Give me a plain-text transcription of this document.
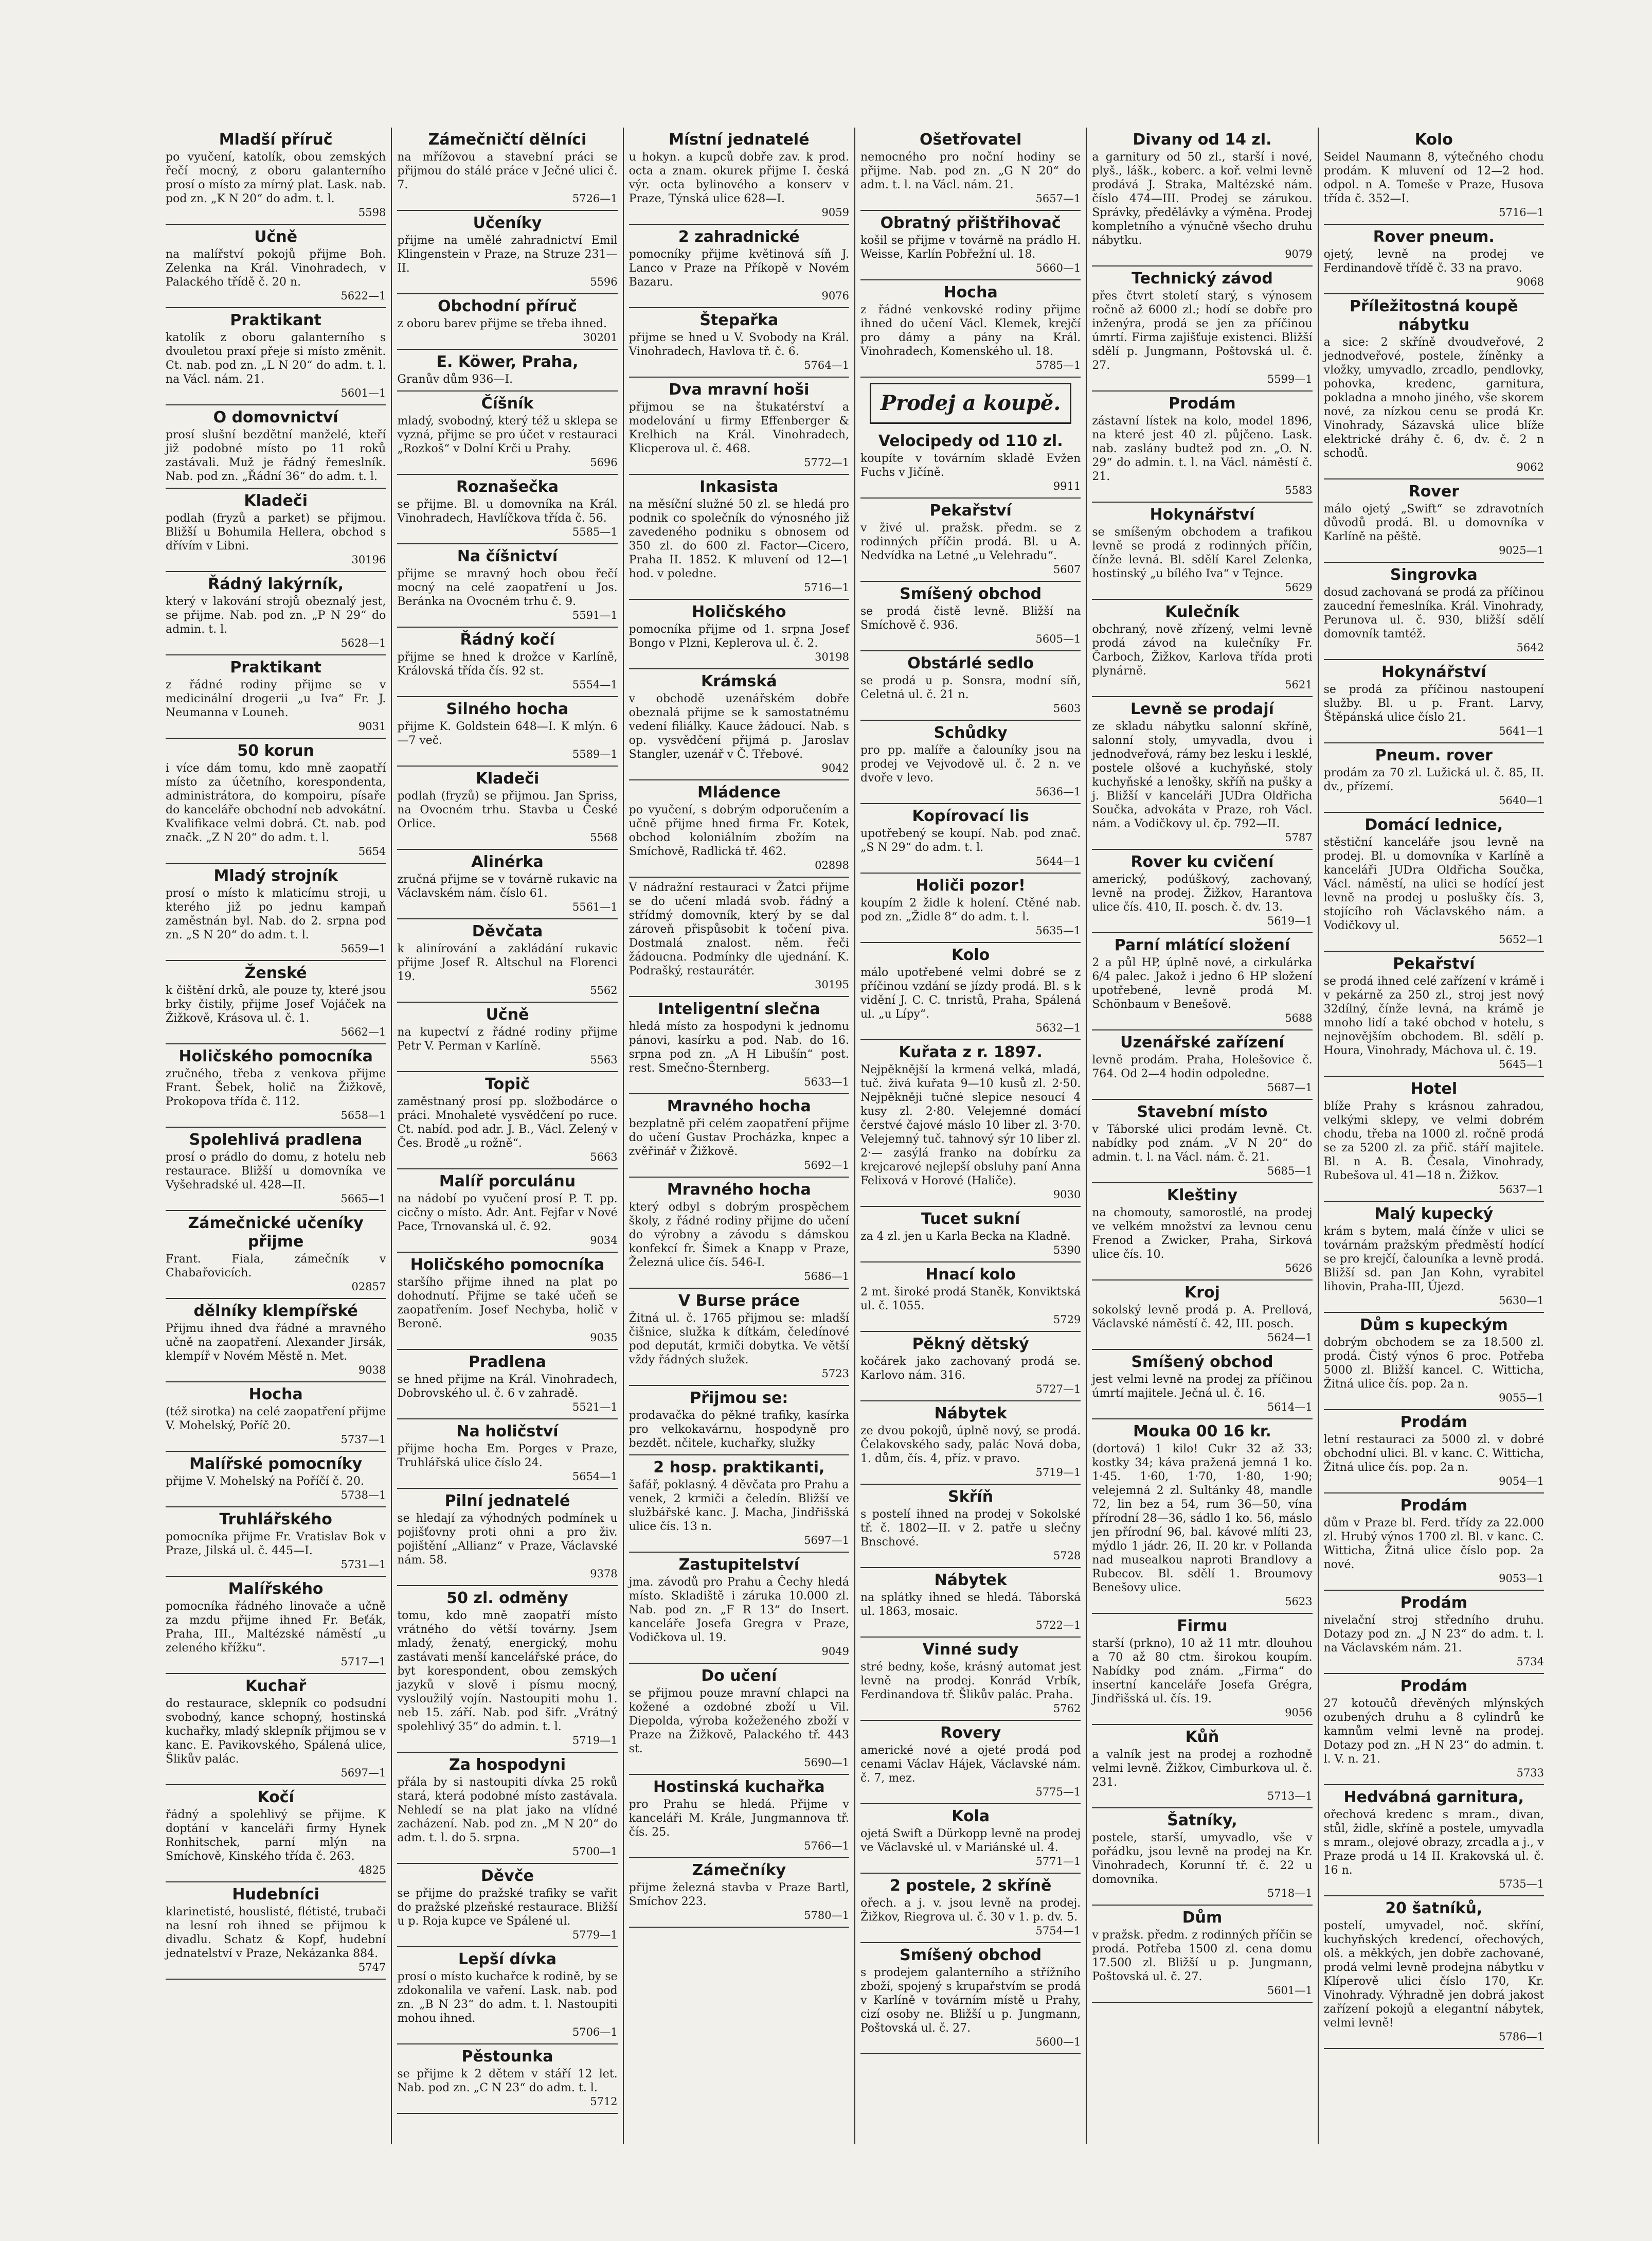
Mladší příruč
po vyučení, katolík, obou zemských řečí mocný, z oboru galanterního prosí o místo za mírný plat. Lask. nab. pod zn. „K N 20“ do adm. t. l.
5598
Učně
na malířství pokojů přijme Boh. Zelenka na Král. Vinohradech, v Palackého třídě č. 20 n.
5622—1
Praktikant
katolík z oboru galanterního s dvouletou praxí přeje si místo změnit. Ct. nab. pod zn. „L N 20“ do adm. t. l. na Václ. nám. 21.
5601—1
O domovnictví
prosí slušní bezdětní manželé, kteří již podobné místo po 11 roků zastávali. Muž je řádný řemeslník. Nab. pod zn. „Řádní 36“ do adm. t. l.
Kladeči
podlah (fryzů a parket) se přijmou. Bližší u Bohumila Hellera, obchod s dřívím v Libni.
30196
Řádný lakýrník,
který v lakování strojů obeznalý jest, se přijme. Nab. pod zn. „P N 29“ do admin. t. l.
5628—1
Praktikant
z řádné rodiny přijme se v medicinální drogerii „u Iva“ Fr. J. Neumanna v Louneh.
9031
50 korun
i více dám tomu, kdo mně zaopatří místo za účetního, korespondenta, administrátora, do kompoiru, písaře do kanceláře obchodní neb advokátní. Kvalifikace velmi dobrá. Ct. nab. pod značk. „Z N 20“ do adm. t. l.
5654
Mladý strojník
prosí o místo k mlaticímu stroji, u kterého již po jednu kampaň zaměstnán byl. Nab. do 2. srpna pod zn. „S N 20“ do adm. t. l.
5659—1
Ženské
k čištění drků, ale pouze ty, které jsou brky čistily, přijme Josef Vojáček na Žižkově, Krásova ul. č. 1.
5662—1
Holičského pomocníka
zručného, třeba z venkova přijme Frant. Šebek, holič na Žižkově, Prokopova třída č. 112.
5658—1
Spolehlivá pradlena
prosí o prádlo do domu, z hotelu neb restaurace. Bližší u domovníka ve Vyšehradské ul. 428—II.
5665—1
Zámečnické učeníky přijme
Frant. Fiala, zámečník v Chabařovicích.
02857
dělníky klempířské
Přijmu ihned dva řádné a mravného učně na zaopatření. Alexander Jirsák, klempíř v Novém Městě n. Met.
9038
Hocha
(též sirotka) na celé zaopatření přijme V. Mohelský, Poříč 20.
5737—1
Malířské pomocníky
přijme V. Mohelský na Poříčí č. 20.
5738—1
Truhlářského
pomocníka přijme Fr. Vratislav Bok v Praze, Jilská ul. č. 445—I.
5731—1
Malířského
pomocníka řádného linovače a učně za mzdu přijme ihned Fr. Beťák, Praha, III., Maltézské náměstí „u zeleného křížku“.
5717—1
Kuchař
do restaurace, sklepník co podsudní svobodný, kance schopný, hostinská kuchařky, mladý sklepník přijmou se v kanc. E. Pavikovského, Spálená ulice, Šlikův palác.
5697—1
Kočí
řádný a spolehlivý se přijme. K doptání v kanceláři firmy Hynek Ronhitschek, parní mlýn na Smíchově, Kinského třída č. 263.
4825
Hudebníci
klarinetisté, houslisté, flétisté, trubači na lesní roh ihned se přijmou k divadlu. Schatz & Kopf, hudební jednatelství v Praze, Nekázanka 884.
5747
Zámečničtí dělníci
na mřížovou a stavební práci se přijmou do stálé práce v Ječné ulici č. 7.
5726—1
Učeníky
přijme na umělé zahradnictví Emil Klingenstein v Praze, na Struze 231—II.
5596
Obchodní příruč
z oboru barev přijme se třeba ihned.
30201
E. Köwer, Praha,
Granův dům 936—I.
Číšník
mladý, svobodný, který též u sklepa se vyzná, přijme se pro účet v restauraci „Rozkoš“ v Dolní Krči u Prahy.
5696
Roznašečka
se přijme. Bl. u domovníka na Král. Vinohradech, Havlíčkova třída č. 56.
5585—1
Na číšnictví
přijme se mravný hoch obou řečí mocný na celé zaopatření u Jos. Beránka na Ovocném trhu č. 9.
5591—1
Řádný kočí
přijme se hned k drožce v Karlíně, Královská třída čís. 92 st.
5554—1
Silného hocha
přijme K. Goldstein 648—I. K mlýn. 6—7 več.
5589—1
Kladeči
podlah (fryzů) se přijmou. Jan Spriss, na Ovocném trhu. Stavba u České Orlice.
5568
Alinérka
zručná přijme se v továrně rukavic na Václavském nám. číslo 61.
5561—1
Děvčata
k alinírování a zakládání rukavic přijme Josef R. Altschul na Florenci 19.
5562
Učně
na kupectví z řádné rodiny přijme Petr V. Perman v Karlíně.
5563
Topič
zaměstnaný prosí pp. složbodárce o práci. Mnohaleté vysvědčení po ruce. Ct. nabíd. pod adr. J. B., Václ. Zelený v Čes. Brodě „u rožně“.
5663
Malíř porculánu
na nádobí po vyučení prosí P. T. pp. cicčny o místo. Adr. Ant. Fejfar v Nové Pace, Trnovanská ul. č. 92.
9034
Holičského pomocníka
staršího přijme ihned na plat po dohodnutí. Přijme se také učeň se zaopatřením. Josef Nechyba, holič v Beroně.
9035
Pradlena
se hned přijme na Král. Vinohradech, Dobrovského ul. č. 6 v zahradě.
5521—1
Na holičství
přijme hocha Em. Porges v Praze, Truhlářská ulice číslo 24.
5654—1
Pilní jednatelé
se hledají za výhodných podmínek u pojišťovny proti ohni a pro živ. pojištění „Allianz“ v Praze, Václavské nám. 58.
9378
50 zl. odměny
tomu, kdo mně zaopatří místo vrátného do větší továrny. Jsem mladý, ženatý, energický, mohu zastávati menší kancelářské práce, do byt korespondent, obou zemských jazyků v slově i písmu mocný, vysloužilý vojín. Nastoupiti mohu 1. neb 15. září. Nab. pod šifr. „Vrátný spolehlivý 35“ do admin. t. l.
5719—1
Za hospodyni
přála by si nastoupiti dívka 25 roků stará, která podobné místo zastávala. Nehledí se na plat jako na vlídné zacházení. Nab. pod zn. „M N 20“ do adm. t. l. do 5. srpna.
5700—1
Děvče
se přijme do pražské trafiky se vařit do pražské plzeňské restaurace. Bližší u p. Roja kupce ve Spálené ul.
5779—1
Lepší dívka
prosí o místo kuchařce k rodině, by se zdokonalila ve vaření. Lask. nab. pod zn. „B N 23“ do adm. t. l. Nastoupiti mohou ihned.
5706—1
Pěstounka
se přijme k 2 dětem v stáří 12 let. Nab. pod zn. „C N 23“ do adm. t. l.
5712
Místní jednatelé
u hokyn. a kupců dobře zav. k prod. octa a znam. okurek přijme I. česká výr. octa bylinového a konserv v Praze, Týnská ulice 628—I.
9059
2 zahradnické
pomocníky přijme květinová síň J. Lanco v Praze na Příkopě v Novém Bazaru.
9076
Štepařka
přijme se hned u V. Svobody na Král. Vinohradech, Havlova tř. č. 6.
5764—1
Dva mravní hoši
přijmou se na štukatérství a modelování u firmy Effenberger & Krelhich na Král. Vinohradech, Klicperova ul. č. 468.
5772—1
Inkasista
na měsíční služné 50 zl. se hledá pro podnik co společník do výnosného již zavedeného podniku s obnosem od 350 zl. do 600 zl. Factor—Cicero, Praha II. 1852. K mluvení od 12—1 hod. v poledne.
5716—1
Holičského
pomocníka přijme od 1. srpna Josef Bongo v Plzni, Keplerova ul. č. 2.
30198
Krámská
v obchodě uzenářském dobře obeznalá přijme se k samostatnému vedení filiálky. Kauce žádoucí. Nab. s op. vysvědčení přijmá p. Jaroslav Stangler, uzenář v Č. Třebové.
9042
Mládence
po vyučení, s dobrým odporučením a učně přijme hned firma Fr. Kotek, obchod koloniálním zbožím na Smíchově, Radlická tř. 462.
02898
V nádražní restauraci v Žatci přijme se do učení mladá svob. řádný a střídmý domovník, který by se dal zároveň přispůsobit k točení piva. Dostmalá znalost. něm. řeči žádoucna. Podmínky dle ujednání. K. Podrašký, restaurátér.
30195
Inteligentní slečna
hledá místo za hospodyni k jednomu pánovi, kasírku a pod. Nab. do 16. srpna pod zn. „A H Libušín“ post. rest. Smečno-Šternberg.
5633—1
Mravného hocha
bezplatně při celém zaopatření přijme do učení Gustav Procházka, knpec a zvěřinář v Žižkově.
5692—1
Mravného hocha
který odbyl s dobrým prospěchem školy, z řádné rodiny přijme do učení do výrobny a závodu s dámskou konfekcí fr. Šimek a Knapp v Praze, Železná ulice čís. 546-I.
5686—1
V Burse práce
Žitná ul. č. 1765 přijmou se: mladší čišnice, služka k dítkám, čeledínové pod deputát, krmiči dobytka. Ve větší vždy řádných služek.
5723
Přijmou se:
prodavačka do pěkné trafiky, kasírka pro velkokavárnu, hospodyně pro bezdět. nčitele, kuchařky, služky
2 hosp. praktikanti,
šafář, poklasný. 4 děvčata pro Prahu a venek, 2 krmiči a čeledín. Bližší ve službářské kanc. J. Macha, Jindřišská ulice čís. 13 n.
5697—1
Zastupitelství
jma. závodů pro Prahu a Čechy hledá místo. Skladiště i záruka 10.000 zl. Nab. pod zn. „F R 13“ do Insert. kanceláře Josefa Gregra v Praze, Vodičkova ul. 19.
9049
Do učení
se přijmou pouze mravní chlapci na kožené a ozdobné zboží u Vil. Diepolda, výroba kožeženého zboží v Praze na Žižkově, Palackého tř. 443 st.
5690—1
Hostinská kuchařka
pro Prahu se hledá. Přijme v kanceláři M. Krále, Jungmannova tř. čís. 25.
5766—1
Zámečníky
přijme železná stavba v Praze Bartl, Smíchov 223.
5780—1
Ošetřovatel
nemocného pro noční hodiny se přijme. Nab. pod zn. „G N 20“ do adm. t. l. na Václ. nám. 21.
5657—1
Obratný přištřihovač
košil se přijme v továrně na prádlo H. Weisse, Karlín Pobřežní ul. 18.
5660—1
Hocha
z řádné venkovské rodiny přijme ihned do učení Václ. Klemek, krejčí pro dámy a pány na Král. Vinohradech, Komenského ul. 18.
5785—1
Prodej a koupě.
Velocipedy od 110 zl.
koupíte v továrním skladě Evžen Fuchs v Jičíně.
9911
Pekařství
v živé ul. pražsk. předm. se z rodinných příčin prodá. Bl. u A. Nedvídka na Letné „u Velehradu“.
5607
Smíšený obchod
se prodá čistě levně. Bližší na Smíchově č. 936.
5605—1
Obstárlé sedlo
se prodá u p. Sonsra, modní síň, Celetná ul. č. 21 n.
5603
Schůdky
pro pp. malíře a čalouníky jsou na prodej ve Vejvodově ul. č. 2 n. ve dvoře v levo.
5636—1
Kopírovací lis
upotřebený se koupí. Nab. pod znač. „S N 29“ do adm. t. l.
5644—1
Holiči pozor!
koupím 2 židle k holení. Ctěné nab. pod zn. „Židle 8“ do adm. t. l.
5635—1
Kolo
málo upotřebené velmi dobré se z příčinou vzdání se jízdy prodá. Bl. s k vidění J. C. C. tnristů, Praha, Spálená ul. „u Lípy“.
5632—1
Kuřata z r. 1897.
Nejpěknější la krmená velká, mladá, tuč. živá kuřata 9—10 kusů zl. 2·50. Nejpěkněji tučné slepice nesoucí 4 kusy zl. 2·80. Velejemné domácí čerstvé čajové máslo 10 liber zl. 3·70. Velejemný tuč. tahnový sýr 10 liber zl. 2·— zasýlá franko na dobírku za krejcarové nejlepší obsluhy paní Anna Felixová v Horové (Haliče).
9030
Tucet sukní
za 4 zl. jen u Karla Becka na Kladně.
5390
Hnací kolo
2 mt. široké prodá Staněk, Konviktská ul. č. 1055.
5729
Pěkný dětský
kočárek jako zachovaný prodá se. Karlovo nám. 316.
5727—1
Nábytek
ze dvou pokojů, úplně nový, se prodá. Čelakovského sady, palác Nová doba, 1. dům, čís. 4, příz. v pravo.
5719—1
Skříň
s postelí ihned na prodej v Sokolské tř. č. 1802—II. v 2. patře u slečny Bnschové.
5728
Nábytek
na splátky ihned se hledá. Táborská ul. 1863, mosaic.
5722—1
Vinné sudy
stré bedny, koše, krásný automat jest levně na prodej. Konrád Vrbík, Ferdinandova tř. Šlikův palác. Praha.
5762
Rovery
americké nové a ojeté prodá pod cenami Václav Hájek, Václavské nám. č. 7, mez.
5775—1
Kola
ojetá Swift a Dürkopp levně na prodej ve Václavské ul. v Mariánské ul. 4.
5771—1
2 postele, 2 skříně
ořech. a j. v. jsou levně na prodej. Žižkov, Riegrova ul. č. 30 v 1. p. dv. 5.
5754—1
Smíšený obchod
s prodejem galanterního a střížního zboží, spojený s krupařstvím se prodá v Karlíně v továrním místě u Prahy, cizí osoby ne. Bližší u p. Jungmann, Poštovská ul. č. 27.
5600—1
Divany od 14 zl.
a garnitury od 50 zl., starší i nové, plyš., lášk., koberc. a koř. velmi levně prodává J. Straka, Maltézské nám. číslo 474—III. Prodej se zárukou. Správky, předělávky a výměna. Prodej kompletního a výnučně všecho druhu nábytku.
9079
Technický závod
přes čtvrt století starý, s výnosem ročně až 6000 zl.; hodí se dobře pro inženýra, prodá se jen za příčinou úmrtí. Firma zajišťuje existenci. Bližší sdělí p. Jungmann, Poštovská ul. č. 27.
5599—1
Prodám
zástavní lístek na kolo, model 1896, na které jest 40 zl. půjčeno. Lask. nab. zaslány budtež pod zn. „O. N. 29“ do admin. t. l. na Václ. náměstí č. 21.
5583
Hokynářství
se smíšeným obchodem a trafikou levně se prodá z rodinných příčin, čínže levná. Bl. sdělí Karel Zelenka, hostinský „u bílého Iva“ v Tejnce.
5629
Kulečník
obchraný, nově zřízený, velmi levně prodá závod na kulečníky Fr. Čarboch, Žižkov, Karlova třída proti plynárně.
5621
Levně se prodají
ze skladu nábytku salonní skříně, salonní stoly, umyvadla, dvou i jednodveřová, rámy bez lesku i lesklé, postele olšové a kuchyňské, stoly kuchyňské a lenošky, skříň na pušky a j. Bližší v kanceláři JUDra Oldřicha Součka, advokáta v Praze, roh Václ. nám. a Vodičkovy ul. čp. 792—II.
5787
Rover ku cvičení
americký, podúškový, zachovaný, levně na prodej. Žižkov, Harantova ulice čís. 410, II. posch. č. dv. 13.
5619—1
Parní mlátící složení
2 a půl HP, úplně nové, a cirkulárka 6/4 palec. Jakož i jedno 6 HP složení upotřebené, levně prodá M. Schönbaum v Benešově.
5688
Uzenářské zařízení
levně prodám. Praha, Holešovice č. 764. Od 2—4 hodin odpoledne.
5687—1
Stavební místo
v Táborské ulici prodám levně. Ct. nabídky pod znám. „V N 20“ do admin. t. l. na Václ. nám. č. 21.
5685—1
Kleštiny
na chomouty, samorostlé, na prodej ve velkém množství za levnou cenu Frenod a Zwicker, Praha, Sirková ulice čís. 10.
5626
Kroj
sokolský levně prodá p. A. Prellová, Václavské náměstí č. 42, III. posch.
5624—1
Smíšený obchod
jest velmi levně na prodej za příčinou úmrtí majitele. Ječná ul. č. 16.
5614—1
Mouka 00 16 kr.
(dortová) 1 kilo! Cukr 32 až 33; kostky 34; káva pražená jemná 1 ko. 1·45. 1·60, 1·70, 1·80, 1·90; velejemná 2 zl. Sultánky 48, mandle 72, lin bez a 54, rum 36—50, vína přírodní 28—36, sádlo 1 ko. 56, máslo jen přírodní 96, bal. kávové mlíti 23, mýdlo 1 jádr. 26, II. 20 kr. v Pollanda nad musealkou naproti Brandlovy a Rubecov. Bl. sdělí 1. Broumovy Benešovy ulice.
5623
Firmu
starší (prkno), 10 až 11 mtr. dlouhou a 70 až 80 ctm. širokou koupím. Nabídky pod znám. „Firma“ do insertní kanceláře Josefa Grégra, Jindřišská ul. čís. 19.
9056
Kůň
a valník jest na prodej a rozhodně velmi levně. Žižkov, Cimburkova ul. č. 231.
5713—1
Šatníky,
postele, starší, umyvadlo, vše v pořádku, jsou levně na prodej na Kr. Vinohradech, Korunní tř. č. 22 u domovníka.
5718—1
Dům
v pražsk. předm. z rodinných příčin se prodá. Potřeba 1500 zl. cena domu 17.500 zl. Bližší u p. Jungmann, Poštovská ul. č. 27.
5601—1
Kolo
Seidel Naumann 8, výtečného chodu prodám. K mluvení od 12—2 hod. odpol. n A. Tomeše v Praze, Husova třída č. 352—I.
5716—1
Rover pneum.
ojetý, levně na prodej ve Ferdinandově třídě č. 33 na pravo.
9068
Příležitostná koupě nábytku
a sice: 2 skříně dvoudveřové, 2 jednodveřové, postele, žíněnky a vložky, umyvadlo, zrcadlo, pendlovky, pohovka, kredenc, garnitura, pokladna a mnoho jiného, vše skorem nové, za nízkou cenu se prodá Kr. Vinohrady, Sázavská ulice blíže elektrické dráhy č. 6, dv. č. 2 n schodů.
9062
Rover
málo ojetý „Swift“ se zdravotních důvodů prodá. Bl. u domovníka v Karlíně na pěště.
9025—1
Singrovka
dosud zachovaná se prodá za příčinou zaucední řemeslníka. Král. Vinohrady, Perunova ul. č. 930, bližší sdělí domovník tamtéž.
5642
Hokynářství
se prodá za příčinou nastoupení služby. Bl. u p. Frant. Larvy, Štěpánská ulice číslo 21.
5641—1
Pneum. rover
prodám za 70 zl. Lužická ul. č. 85, II. dv., přízemí.
5640—1
Domácí lednice,
stěstiční kanceláře jsou levně na prodej. Bl. u domovníka v Karlíně a kanceláři JUDra Oldřicha Součka, Václ. náměstí, na ulici se hodící jest levně na prodej u poslušky čís. 3, stojícího roh Václavského nám. a Vodičkovy ul.
5652—1
Pekařství
se prodá ihned celé zařízení v krámě i v pekárně za 250 zl., stroj jest nový 32dílný, čínže levná, na krámě je mnoho lidí a také obchod v hotelu, s nejnovějším obchodem. Bl. sdělí p. Houra, Vinohrady, Máchova ul. č. 19.
5645—1
Hotel
blíže Prahy s krásnou zahradou, velkými sklepy, ve velmi dobrém chodu, třeba na 1000 zl. ročně prodá se za 5200 zl. za přič. stáří majitele. Bl. n A. B. Česala, Vinohrady, Rubešova ul. 41—18 n. Žižkov.
5637—1
Malý kupecký
krám s bytem, malá čínže v ulici se továrnám pražským předměstí hodící se pro krejčí, čalouníka a levně prodá. Bližší sd. pan Jan Kohn, vyrabitel lihovin, Praha-III, Újezd.
5630—1
Dům s kupeckým
dobrým obchodem se za 18.500 zl. prodá. Čistý výnos 6 proc. Potřeba 5000 zl. Bližší kancel. C. Witticha, Žitná ulice čís. pop. 2a n.
9055—1
Prodám
letní restauraci za 5000 zl. v dobré obchodní ulici. Bl. v kanc. C. Witticha, Žitná ulice čís. pop. 2a n.
9054—1
Prodám
dům v Praze bl. Ferd. třídy za 22.000 zl. Hrubý výnos 1700 zl. Bl. v kanc. C. Witticha, Žitná ulice číslo pop. 2a nové.
9053—1
Prodám
nivelační stroj středního druhu. Dotazy pod zn. „J N 23“ do adm. t. l. na Václavském nám. 21.
5734
Prodám
27 kotoučů dřevěných mlýnských ozubených druhu a 8 cylindrů ke kamnům velmi levně na prodej. Dotazy pod zn. „H N 23“ do admin. t. l. V. n. 21.
5733
Hedvábná garnitura,
ořechová kredenc s mram., divan, stůl, židle, skříně a postele, umyvadla s mram., olejové obrazy, zrcadla a j., v Praze prodá u 14 II. Krakovská ul. č. 16 n.
5735—1
20 šatníků,
postelí, umyvadel, noč. skříní, kuchyňských kredencí, ořechových, olš. a měkkých, jen dobře zachované, prodá velmi levně prodejna nábytku v Klíperově ulici číslo 170, Kr. Vinohrady. Výhradně jen dobrá jakost zařízení pokojů a elegantní nábytek, velmi levně!
5786—1
